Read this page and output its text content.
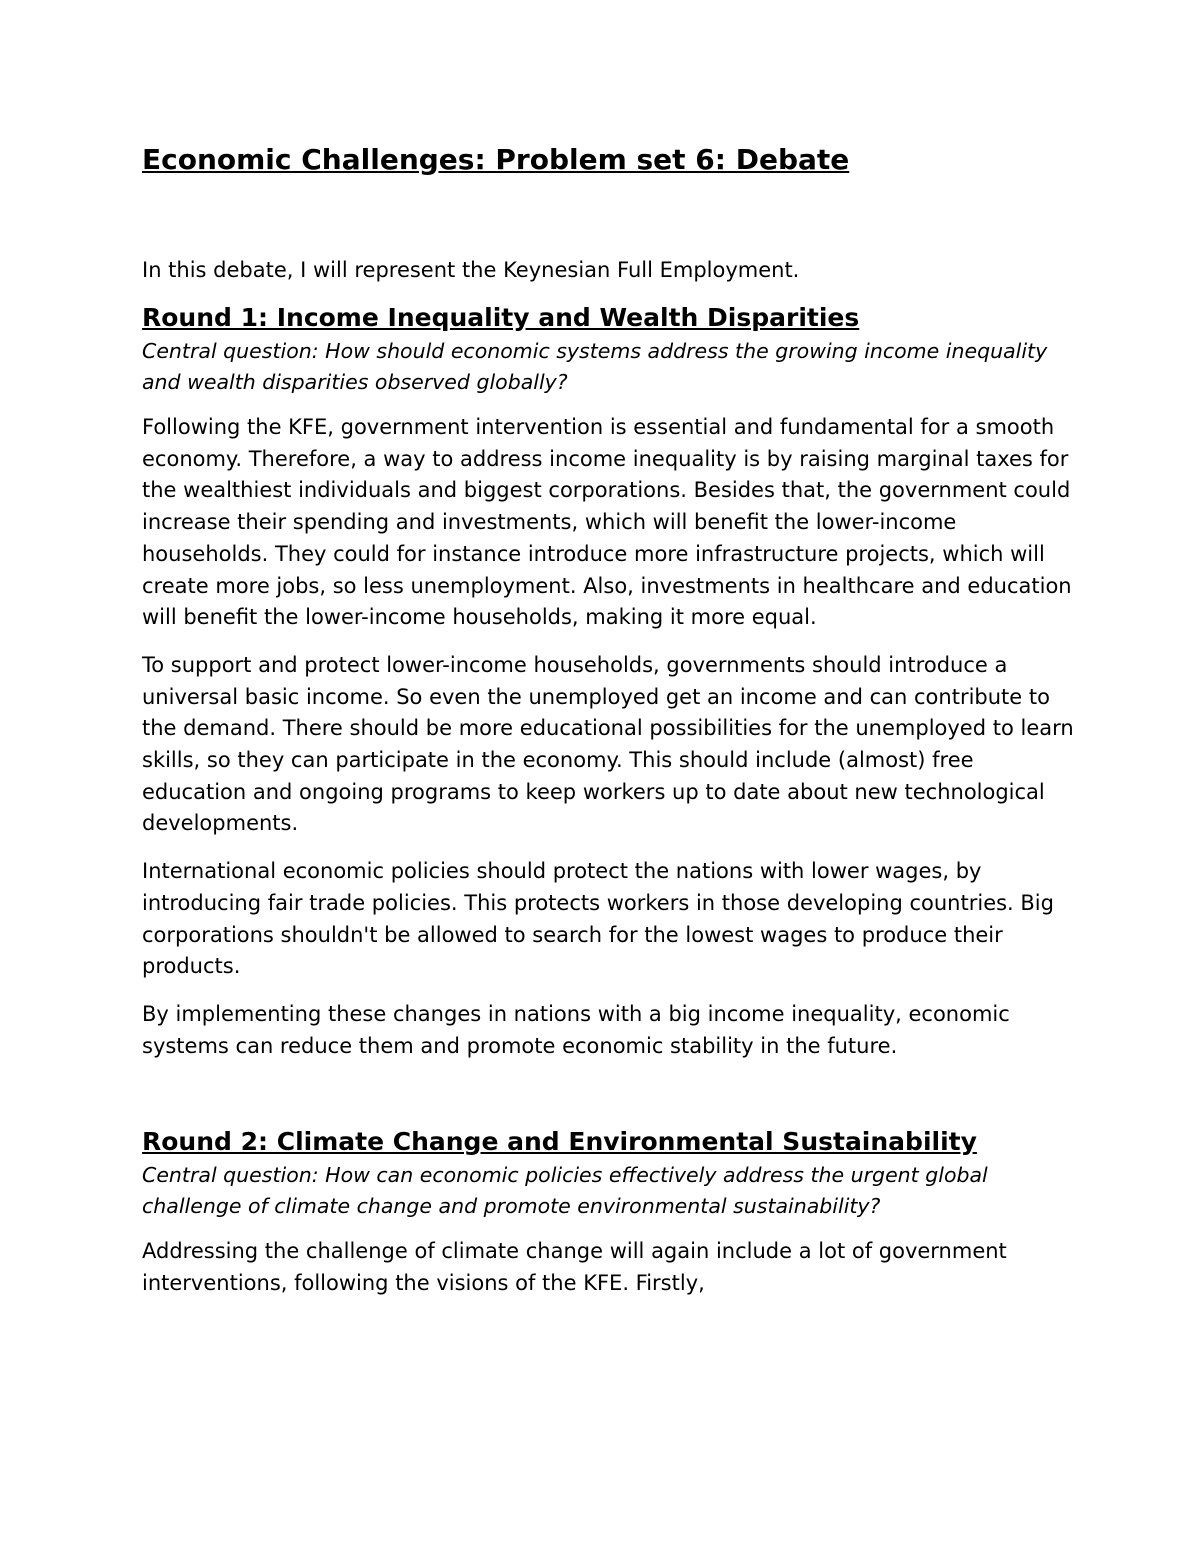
Economic Challenges: Problem set 6: Debate

In this debate, I will represent the Keynesian Full Employment.

Round 1: Income Inequality and Wealth Disparities

Central question: How should economic systems address the growing income inequality and wealth disparities observed globally?

Following the KFE, government intervention is essential and fundamental for a smooth economy. Therefore, a way to address income inequality is by raising marginal taxes for the wealthiest individuals and biggest corporations. Besides that, the government could increase their spending and investments, which will benefit the lower-income households. They could for instance introduce more infrastructure projects, which will create more jobs, so less unemployment. Also, investments in healthcare and education will benefit the lower-income households, making it more equal.

To support and protect lower-income households, governments should introduce a universal basic income. So even the unemployed get an income and can contribute to the demand. There should be more educational possibilities for the unemployed to learn skills, so they can participate in the economy. This should include (almost) free education and ongoing programs to keep workers up to date about new technological developments.

International economic policies should protect the nations with lower wages, by introducing fair trade policies. This protects workers in those developing countries. Big corporations shouldn't be allowed to search for the lowest wages to produce their products.

By implementing these changes in nations with a big income inequality, economic systems can reduce them and promote economic stability in the future.

Round 2: Climate Change and Environmental Sustainability

Central question: How can economic policies effectively address the urgent global
challenge of climate change and promote environmental sustainability?

Addressing the challenge of climate change will again include a lot of government interventions, following the visions of the KFE. Firstly,
